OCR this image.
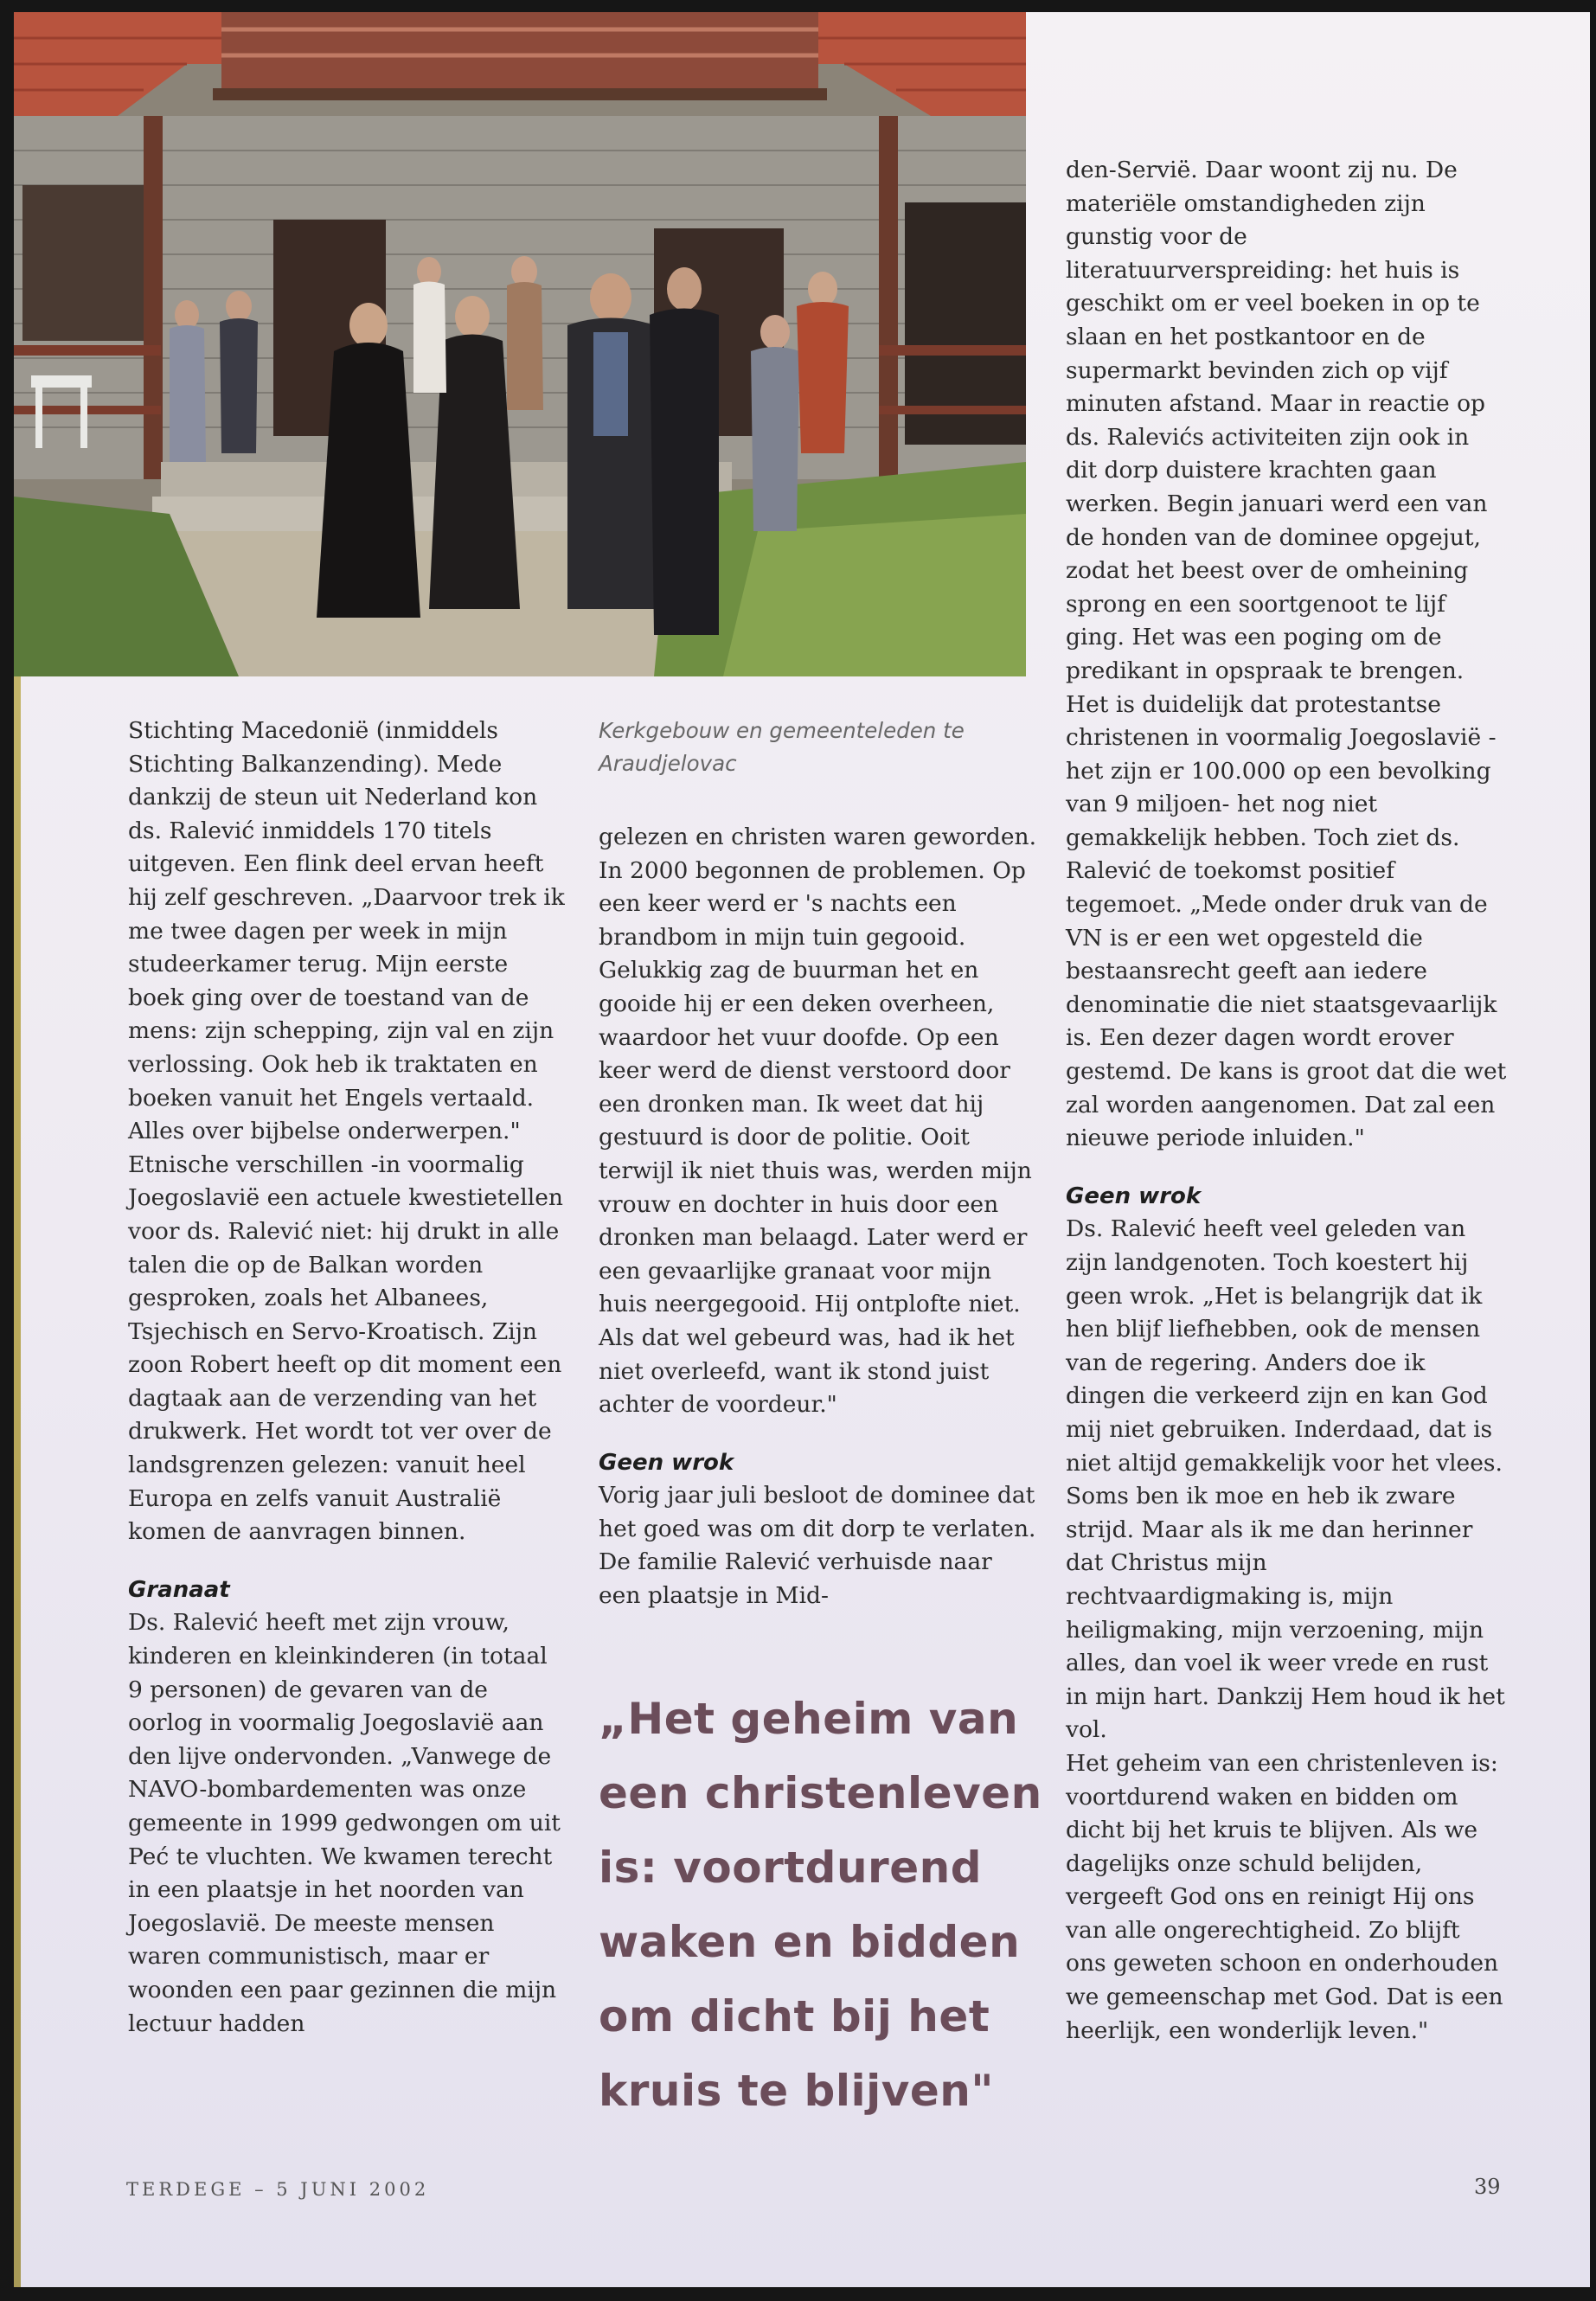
Kerkgebouw en gemeenteleden te Araudjelovac

Stichting Macedonië (inmiddels Stichting Balkanzending). Mede dankzij de steun uit Nederland kon ds. Ralević inmiddels 170 titels uitgeven. Een flink deel ervan heeft hij zelf geschreven. „Daarvoor trek ik me twee dagen per week in mijn studeerkamer terug. Mijn eerste boek ging over de toestand van de mens: zijn schepping, zijn val en zijn verlossing. Ook heb ik traktaten en boeken vanuit het Engels vertaald. Alles over bijbelse onderwerpen."

Etnische verschillen -in voormalig Joegoslavië een actuele kwestietellen voor ds. Ralević niet: hij drukt in alle talen die op de Balkan worden gesproken, zoals het Albanees, Tsjechisch en Servo-Kroatisch. Zijn zoon Robert heeft op dit moment een dagtaak aan de verzending van het drukwerk. Het wordt tot ver over de landsgrenzen gelezen: vanuit heel Europa en zelfs vanuit Australië komen de aanvragen binnen.

Granaat

Ds. Ralević heeft met zijn vrouw, kinderen en kleinkinderen (in totaal 9 personen) de gevaren van de oorlog in voormalig Joegoslavië aan den lijve ondervonden. „Vanwege de NAVO-bombardementen was onze gemeente in 1999 gedwongen om uit Peć te vluchten. We kwamen terecht in een plaatsje in het noorden van Joegoslavië. De meeste mensen waren communistisch, maar er woonden een paar gezinnen die mijn lectuur hadden

gelezen en christen waren geworden.

In 2000 begonnen de problemen. Op een keer werd er 's nachts een brandbom in mijn tuin gegooid. Gelukkig zag de buurman het en gooide hij er een deken overheen, waardoor het vuur doofde. Op een keer werd de dienst verstoord door een dronken man. Ik weet dat hij gestuurd is door de politie. Ooit terwijl ik niet thuis was, werden mijn vrouw en dochter in huis door een dronken man belaagd. Later werd er een gevaarlijke granaat voor mijn huis neergegooid. Hij ontplofte niet. Als dat wel gebeurd was, had ik het niet overleefd, want ik stond juist achter de voordeur."

Geen wrok

Vorig jaar juli besloot de dominee dat het goed was om dit dorp te verlaten. De familie Ralević verhuisde naar een plaatsje in Mid-

„Het geheim van een christenleven is: voortdurend waken en bidden om dicht bij het kruis te blijven"

den-Servië. Daar woont zij nu. De materiële omstandigheden zijn gunstig voor de literatuurverspreiding: het huis is geschikt om er veel boeken in op te slaan en het postkantoor en de supermarkt bevinden zich op vijf minuten afstand. Maar in reactie op ds. Ralevićs activiteiten zijn ook in dit dorp duistere krachten gaan werken. Begin januari werd een van de honden van de dominee opgejut, zodat het beest over de omheining sprong en een soortgenoot te lijf ging. Het was een poging om de predikant in opspraak te brengen. Het is duidelijk dat protestantse christenen in voormalig Joegoslavië -het zijn er 100.000 op een bevolking van 9 miljoen- het nog niet gemakkelijk hebben. Toch ziet ds. Ralević de toekomst positief tegemoet. „Mede onder druk van de VN is er een wet opgesteld die bestaansrecht geeft aan iedere denominatie die niet staatsgevaarlijk is. Een dezer dagen wordt erover gestemd. De kans is groot dat die wet zal worden aangenomen. Dat zal een nieuwe periode inluiden."

Geen wrok

Ds. Ralević heeft veel geleden van zijn landgenoten. Toch koestert hij geen wrok. „Het is belangrijk dat ik hen blijf liefhebben, ook de mensen van de regering. Anders doe ik dingen die verkeerd zijn en kan God mij niet gebruiken. Inderdaad, dat is niet altijd gemakkelijk voor het vlees. Soms ben ik moe en heb ik zware strijd. Maar als ik me dan herinner dat Christus mijn rechtvaardigmaking is, mijn heiligmaking, mijn verzoening, mijn alles, dan voel ik weer vrede en rust in mijn hart. Dankzij Hem houd ik het vol.

Het geheim van een christenleven is: voortdurend waken en bidden om dicht bij het kruis te blijven. Als we dagelijks onze schuld belijden, vergeeft God ons en reinigt Hij ons van alle ongerechtigheid. Zo blijft ons geweten schoon en onderhouden we gemeenschap met God. Dat is een heerlijk, een wonderlijk leven."

TERDEGE – 5 JUNI 2002	39
